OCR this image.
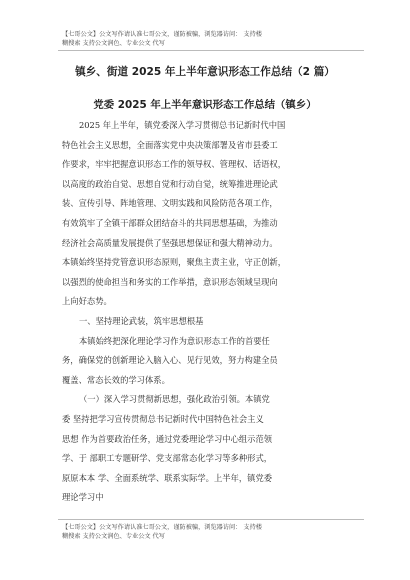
【七哥公文】公文写作请认准七哥公文，谨防被骗，浏览器访问： 支持楼
糊搜索 支持公文润色、专业公文 代写
镇乡、街道 2025 年上半年意识形态工作总结（2 篇）
党委 2025 年上半年意识形态工作总结（镇乡）
2025 年上半年，镇党委深入学习贯彻总书记新时代中国
特色社会主义思想，全面落实党中央决策部署及省市县委工
作要求，牢牢把握意识形态工作的领导权、管理权、话语权，
以高度的政治自觉、思想自觉和行动自觉，统筹推进理论武
装、宣传引导、阵地管理、文明实践和风险防范各项工作，
有效筑牢了全镇干部群众团结奋斗的共同思想基础，为推动
经济社会高质量发展提供了坚强思想保证和强大精神动力。
本镇始终坚持党管意识形态原则，聚焦主责主业，守正创新，
以强烈的使命担当和务实的工作举措，意识形态领域呈现向
上向好态势。
一、坚持理论武装，筑牢思想根基
本镇始终把深化理论学习作为意识形态工作的首要任
务，确保党的创新理论入脑入心、见行见效，努力构建全员
覆盖、常态长效的学习体系。
（一）深入学习贯彻新思想，强化政治引领。本镇党
委 坚持把学习宣传贯彻总书记新时代中国特色社会主义
思想 作为首要政治任务，通过党委理论学习中心组示范领
学、于 部职工专题研学、党支部常态化学习等多种形式，
原原本本 学、全面系统学、联系实际学。上半年，镇党委
理论学习中
【七哥公文】公文写作请认准七哥公文，谨防被骗，浏览器访问： 支持楼
糊搜索 支持公文润色、专业公文 代写
